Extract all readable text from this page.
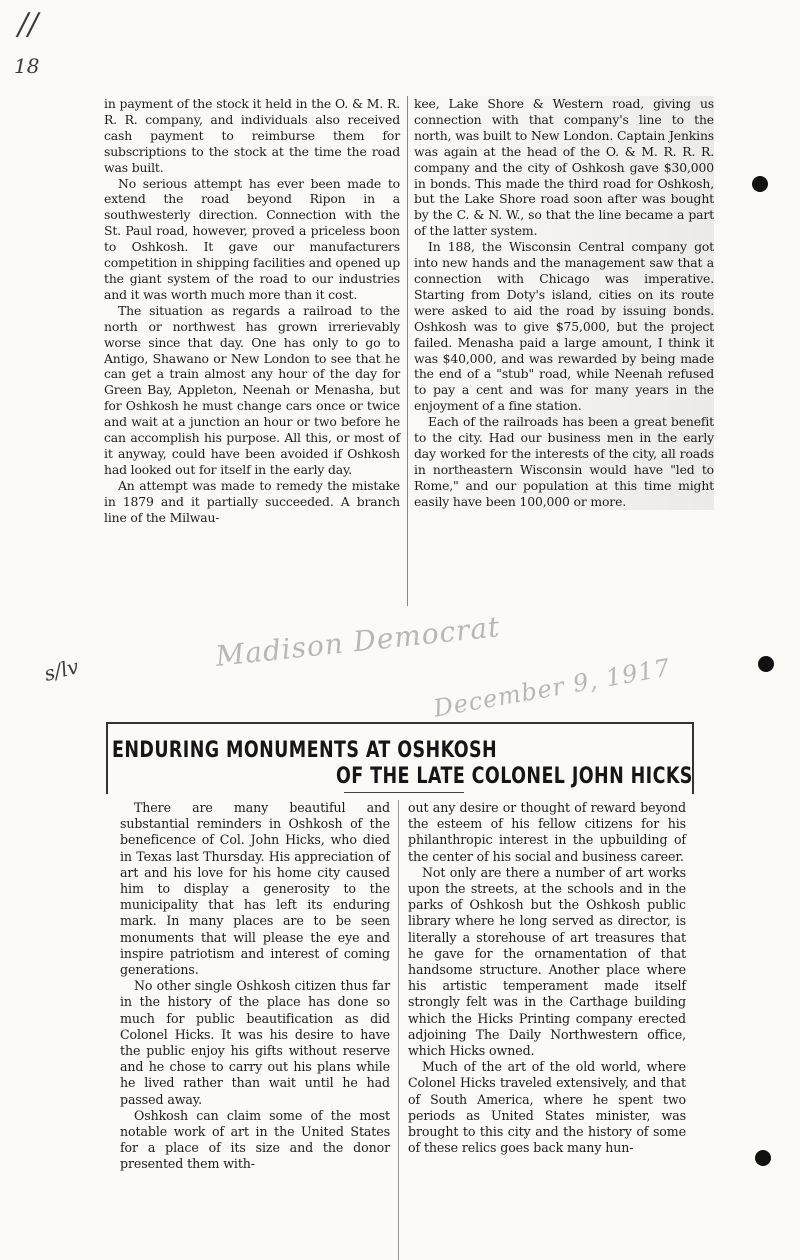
//
18
s/lv	Madison Democrat
December 9, 1917

in payment of the stock it held in the O. & M. R. R. R. company, and individuals also received cash payment to reimburse them for subscriptions to the stock at the time the road was built.

No serious attempt has ever been made to extend the road beyond Ripon in a southwesterly direction. Connection with the St. Paul road, however, proved a priceless boon to Oshkosh. It gave our manufacturers competition in shipping facilities and opened up the giant system of the road to our industries and it was worth much more than it cost.

The situation as regards a railroad to the north or northwest has grown irrerievably worse since that day. One has only to go to Antigo, Shawano or New London to see that he can get a train almost any hour of the day for Green Bay, Appleton, Neenah or Menasha, but for Oshkosh he must change cars once or twice and wait at a junction an hour or two before he can accomplish his purpose. All this, or most of it anyway, could have been avoided if Oshkosh had looked out for itself in the early day.

An attempt was made to remedy the mistake in 1879 and it partially succeeded. A branch line of the Milwau-

kee, Lake Shore & Western road, giving us connection with that company's line to the north, was built to New London. Captain Jenkins was again at the head of the O. & M. R. R. R. company and the city of Oshkosh gave $30,000 in bonds. This made the third road for Oshkosh, but the Lake Shore road soon after was bought by the C. & N. W., so that the line became a part of the latter system.

In 188, the Wisconsin Central company got into new hands and the management saw that a connection with Chicago was imperative. Starting from Doty's island, cities on its route were asked to aid the road by issuing bonds. Oshkosh was to give $75,000, but the project failed. Menasha paid a large amount, I think it was $40,000, and was rewarded by being made the end of a "stub" road, while Neenah refused to pay a cent and was for many years in the enjoyment of a fine station.

Each of the railroads has been a great benefit to the city. Had our business men in the early day worked for the interests of the city, all roads in northeastern Wisconsin would have "led to Rome," and our population at this time might easily have been 100,000 or more.

ENDURING MONUMENTS AT OSHKOSH
OF THE LATE COLONEL JOHN HICKS

There are many beautiful and substantial reminders in Oshkosh of the beneficence of Col. John Hicks, who died in Texas last Thursday. His appreciation of art and his love for his home city caused him to display a generosity to the municipality that has left its enduring mark. In many places are to be seen monuments that will please the eye and inspire patriotism and interest of coming generations.

No other single Oshkosh citizen thus far in the history of the place has done so much for public beautification as did Colonel Hicks. It was his desire to have the public enjoy his gifts without reserve and he chose to carry out his plans while he lived rather than wait until he had passed away.

Oshkosh can claim some of the most notable work of art in the United States for a place of its size and the donor presented them with-

out any desire or thought of reward beyond the esteem of his fellow citizens for his philanthropic interest in the upbuilding of the center of his social and business career.

Not only are there a number of art works upon the streets, at the schools and in the parks of Oshkosh but the Oshkosh public library where he long served as director, is literally a storehouse of art treasures that he gave for the ornamentation of that handsome structure. Another place where his artistic temperament made itself strongly felt was in the Carthage building which the Hicks Printing company erected adjoining The Daily Northwestern office, which Hicks owned.

Much of the art of the old world, where Colonel Hicks traveled extensively, and that of South America, where he spent two periods as United States minister, was brought to this city and the history of some of these relics goes back many hun-
